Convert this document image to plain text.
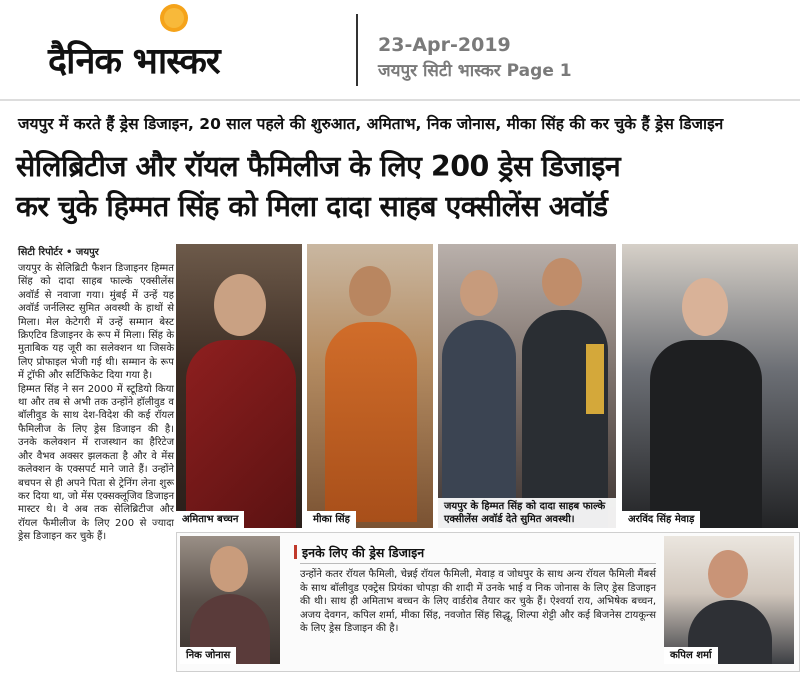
दैनिक भास्कर	23-Apr-2019
जयपुर सिटी भास्कर Page 1
जयपुर में करते हैं ड्रेस डिजाइन, 20 साल पहले की शुरुआत, अमिताभ, निक जोनास, मीका सिंह की कर चुके हैं ड्रेस डिजाइन
सेलिब्रिटीज और रॉयल फैमिलीज के लिए 200 ड्रेस डिजाइन
कर चुके हिम्मत सिंह को मिला दादा साहब एक्सीलेंस अवॉर्ड
सिटी रिपोर्टर • जयपुर

जयपुर के सेलिब्रिटी फैशन डिजाइनर हिम्मत सिंह को दादा साहब फाल्के एक्सीलेंस अवॉर्ड से नवाजा गया। मुंबई में उन्हें यह अवॉर्ड जर्नलिस्ट सुमित अवस्थी के हाथों से मिला। मेल केटेगरी में उन्हें सम्मान बेस्ट क्रिएटिव डिजाइनर के रूप में मिला। सिंह के मुताबिक यह जूरी का सलेक्शन था जिसके लिए प्रोफाइल भेजी गई थी। सम्मान के रूप में ट्रॉफी और सर्टिफिकेट दिया गया है।

हिम्मत सिंह ने सन 2000 में स्टूडियो किया था और तब से अभी तक उन्होंने हॉलीवुड व बॉलीवुड के साथ देश-विदेश की कई रॉयल फैमिलीज के लिए ड्रेस डिजाइन की है। उनके कलेक्शन में राजस्थान का हैरिटेज और वैभव अक्सर झलकता है और वे मेंस कलेक्शन के एक्सपर्ट माने जाते हैं। उन्होंने बचपन से ही अपने पिता से ट्रेनिंग लेना शुरू कर दिया था, जो मेंस एक्सक्लूजिव डिजाइन मास्टर थे। वे अब तक सेलिब्रिटीज और रॉयल फैमीलीज के लिए 200 से ज्यादा ड्रेस डिजाइन कर चुके हैं।

अमिताभ बच्चन	मीका सिंह
जयपुर के हिम्मत सिंह को दादा साहब फाल्के एक्सीलेंस अवॉर्ड देते सुमित अवस्थी।	अरविंद सिंह मेवाड़
निक जोनास
इनके लिए की ड्रेस डिजाइन
उन्होंने कतर रॉयल फैमिली, चेन्नई रॉयल फैमिली, मेवाड़ व जोधपुर के साथ अन्य रॉयल फैमिली मैंबर्स के साथ बॉलीवुड एक्ट्रेस प्रियंका चोपड़ा की शादी में उनके भाई व निक जोनास के लिए ड्रेस डिजाइन की थी। साथ ही अमिताभ बच्चन के लिए वार्डरोब तैयार कर चुके हैं। ऐश्वर्या राय, अभिषेक बच्चन, अजय देवगन, कपिल शर्मा, मीका सिंह, नवजोत सिंह सिद्धू, शिल्पा शेट्टी और कई बिजनेस टायकून्स के लिए ड्रेस डिजाइन की है।
कपिल शर्मा
